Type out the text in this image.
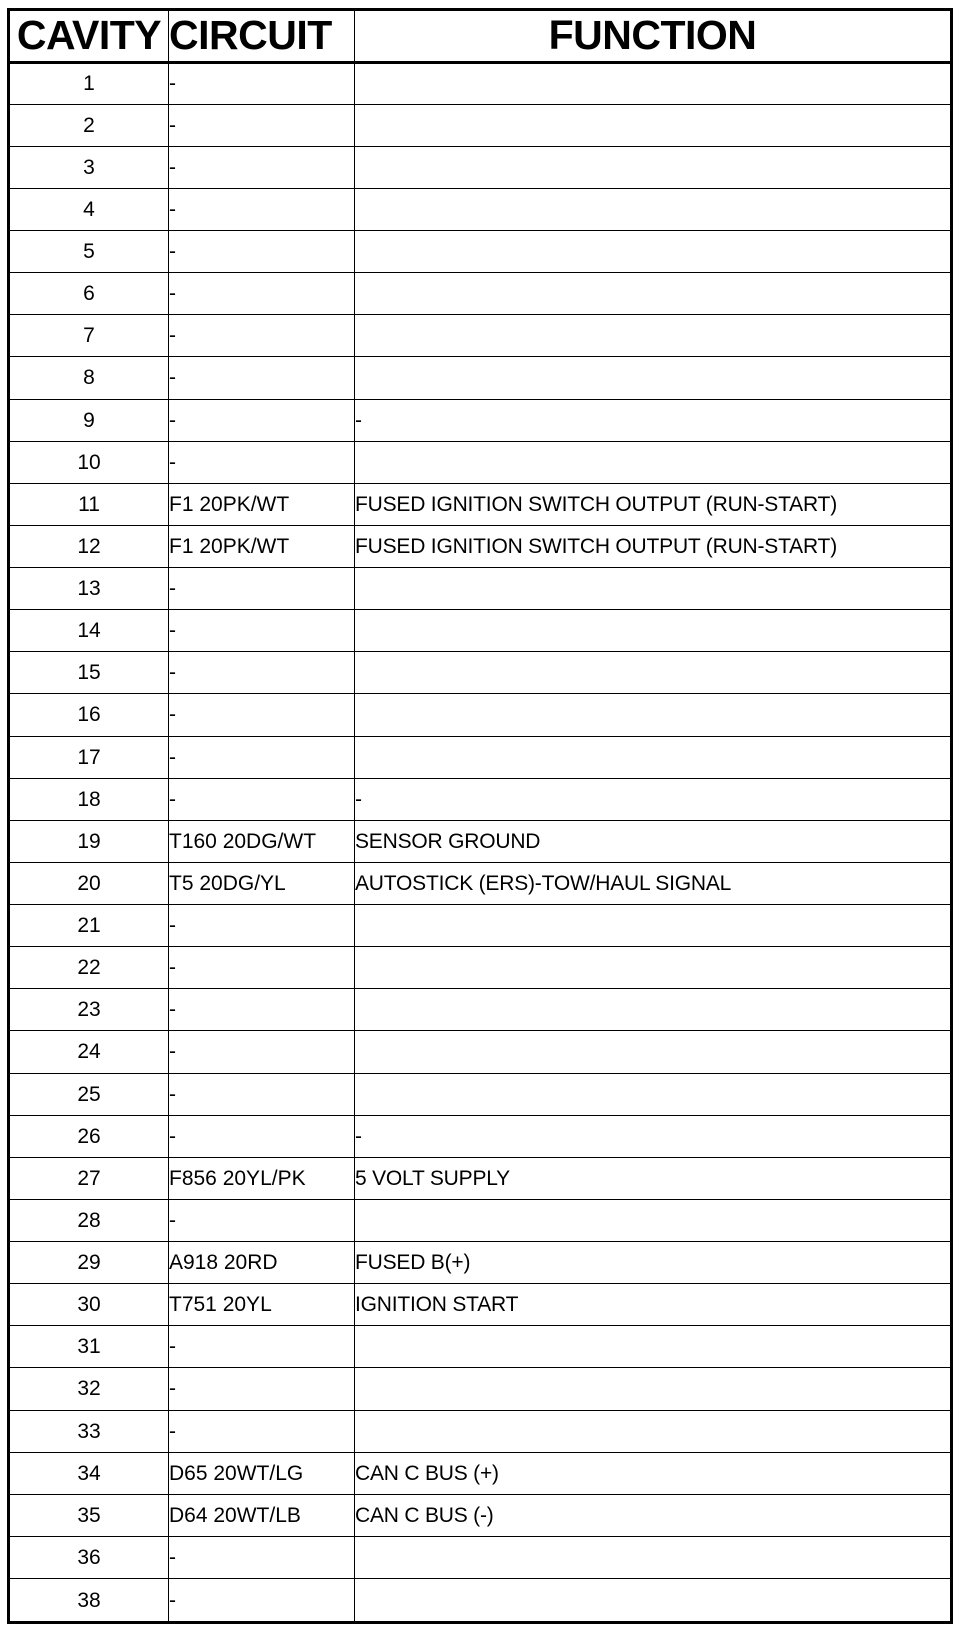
CAVITY	CIRCUIT	FUNCTION
1	-	
2	-	
3	-	
4	-	
5	-	
6	-	
7	-	
8	-	
9	-	-
10	-	
11	F1 20PK/WT	FUSED IGNITION SWITCH OUTPUT (RUN-START)
12	F1 20PK/WT	FUSED IGNITION SWITCH OUTPUT (RUN-START)
13	-	
14	-	
15	-	
16	-	
17	-	
18	-	-
19	T160 20DG/WT	SENSOR GROUND
20	T5 20DG/YL	AUTOSTICK (ERS)-TOW/HAUL SIGNAL
21	-	
22	-	
23	-	
24	-	
25	-	
26	-	-
27	F856 20YL/PK	5 VOLT SUPPLY
28	-	
29	A918 20RD	FUSED B(+)
30	T751 20YL	IGNITION START
31	-	
32	-	
33	-	
34	D65 20WT/LG	CAN C BUS (+)
35	D64 20WT/LB	CAN C BUS (-)
36	-	
38	-	
